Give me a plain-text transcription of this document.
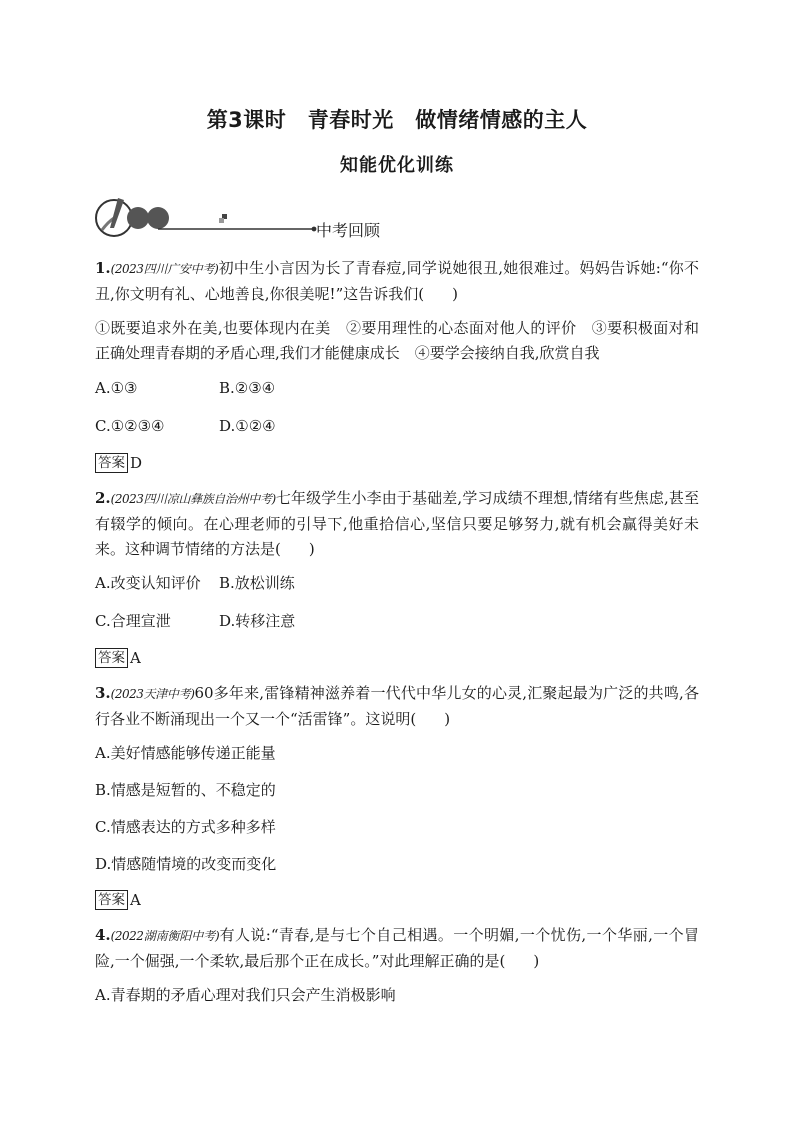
第3课时　青春时光　做情绪情感的主人
知能优化训练
中考回顾

1.(2023四川广安中考)初中生小言因为长了青春痘,同学说她很丑,她很难过。妈妈告诉她:“你不丑,你文明有礼、心地善良,你很美呢!”这告诉我们( )

①既要追求外在美,也要体现内在美　②要用理性的心态面对他人的评价　③要积极面对和正确处理青春期的矛盾心理,我们才能健康成长　④要学会接纳自我,欣赏自我

A.①③	B.②③④
C.①②③④	D.①②④
答案 D

2.(2023四川凉山彝族自治州中考)七年级学生小李由于基础差,学习成绩不理想,情绪有些焦虑,甚至有辍学的倾向。在心理老师的引导下,他重拾信心,坚信只要足够努力,就有机会赢得美好未来。这种调节情绪的方法是( )

A.改变认知评价	B.放松训练
C.合理宣泄	D.转移注意
答案 A

3.(2023天津中考)60多年来,雷锋精神滋养着一代代中华儿女的心灵,汇聚起最为广泛的共鸣,各行各业不断涌现出一个又一个“活雷锋”。这说明( )

A.美好情感能够传递正能量
B.情感是短暂的、不稳定的
C.情感表达的方式多种多样
D.情感随情境的改变而变化
答案 A

4.(2022湖南衡阳中考)有人说:“青春,是与七个自己相遇。一个明媚,一个忧伤,一个华丽,一个冒险,一个倔强,一个柔软,最后那个正在成长。”对此理解正确的是( )

A.青春期的矛盾心理对我们只会产生消极影响
